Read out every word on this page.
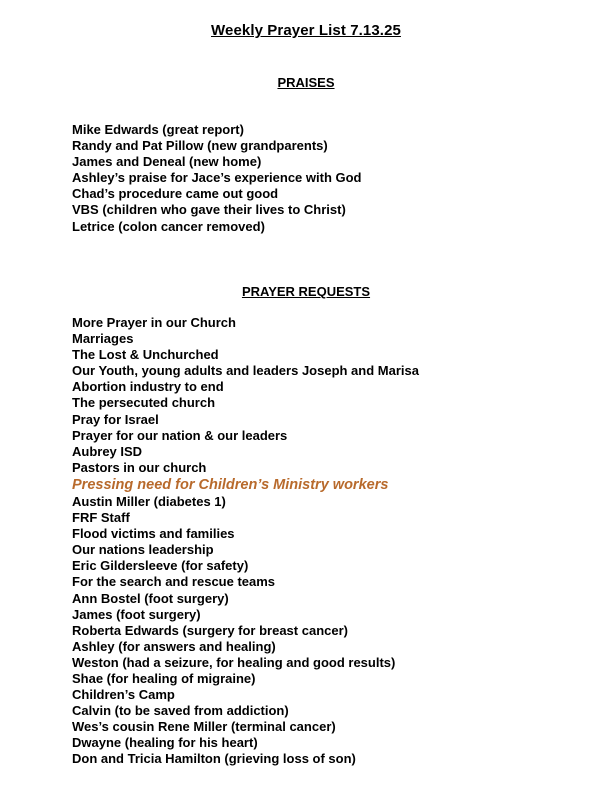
Weekly Prayer List 7.13.25
PRAISES
Mike Edwards (great report)
Randy and Pat Pillow (new grandparents)
James and Deneal (new home)
Ashley’s praise for Jace’s experience with God
Chad’s procedure came out good
VBS (children who gave their lives to Christ)
Letrice (colon cancer removed)
PRAYER REQUESTS
More Prayer in our Church
Marriages
The Lost & Unchurched
Our Youth, young adults and leaders Joseph and Marisa
Abortion industry to end
The persecuted church
Pray for Israel
Prayer for our nation & our leaders
Aubrey ISD
Pastors in our church
Pressing need for Children’s Ministry workers
Austin Miller (diabetes 1)
FRF Staff
Flood victims and families
Our nations leadership
Eric Gildersleeve (for safety)
For the search and rescue teams
Ann Bostel (foot surgery)
James (foot surgery)
Roberta Edwards (surgery for breast cancer)
Ashley (for answers and healing)
Weston (had a seizure, for healing and good results)
Shae (for healing of migraine)
Children’s Camp
Calvin (to be saved from addiction)
Wes’s cousin Rene Miller (terminal cancer)
Dwayne (healing for his heart)
Don and Tricia Hamilton (grieving loss of son)
